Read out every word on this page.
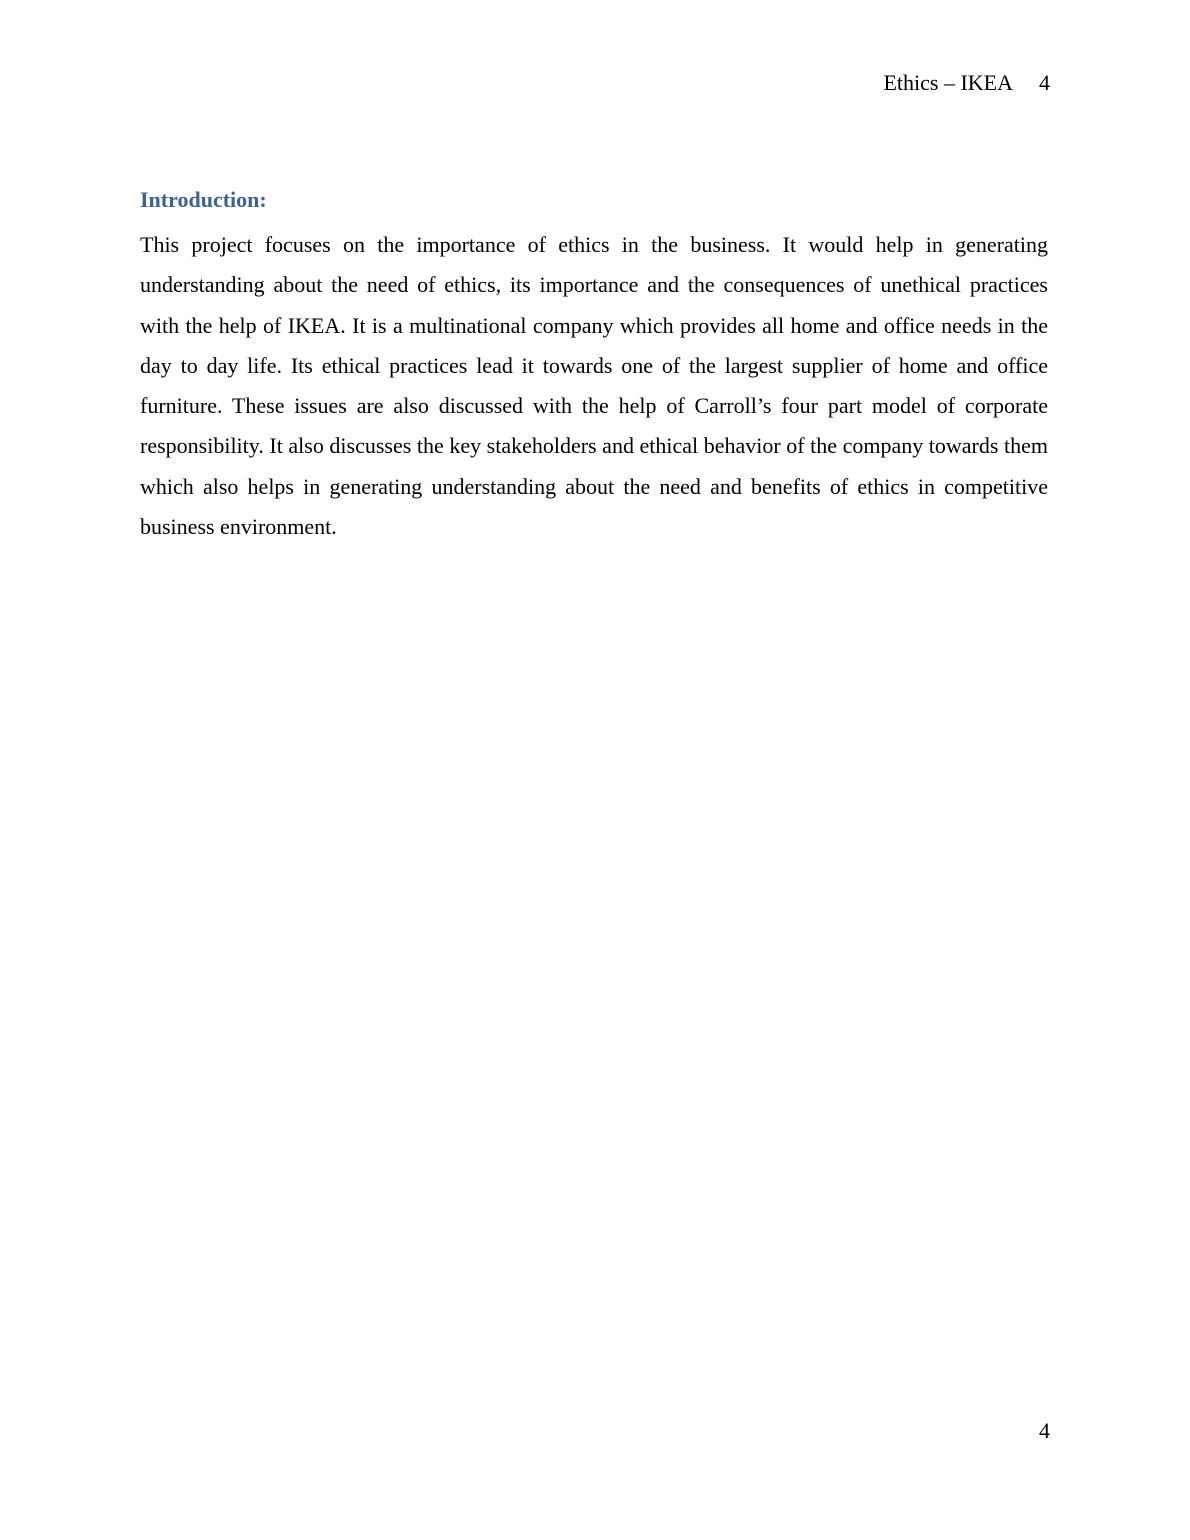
Ethics – IKEA 4
Introduction:

This project focuses on the importance of ethics in the business. It would help in generating understanding about the need of ethics, its importance and the consequences of unethical practices with the help of IKEA. It is a multinational company which provides all home and office needs in the day to day life. Its ethical practices lead it towards one of the largest supplier of home and office furniture. These issues are also discussed with the help of Carroll’s four part model of corporate responsibility. It also discusses the key stakeholders and ethical behavior of the company towards them which also helps in generating understanding about the need and benefits of ethics in competitive business environment.

4
